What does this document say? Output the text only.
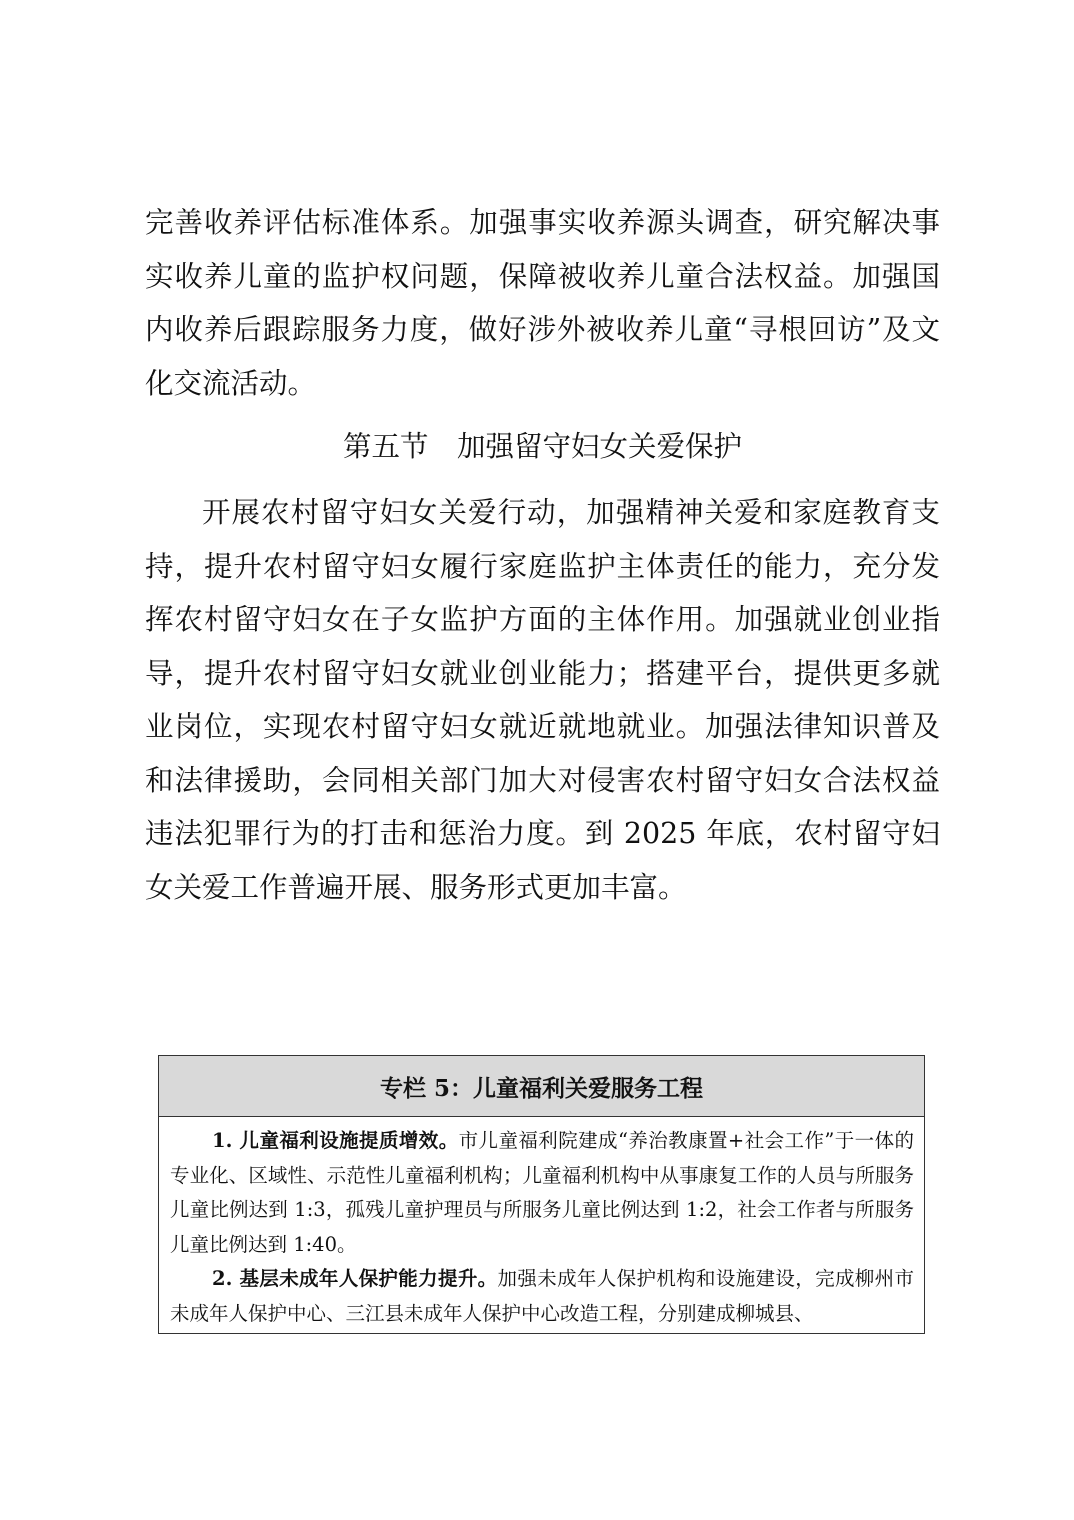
完善收养评估标准体系。加强事实收养源头调查，研究解决事实收养儿童的监护权问题，保障被收养儿童合法权益。加强国内收养后跟踪服务力度，做好涉外被收养儿童“寻根回访”及文化交流活动。

第五节　加强留守妇女关爱保护

开展农村留守妇女关爱行动，加强精神关爱和家庭教育支持，提升农村留守妇女履行家庭监护主体责任的能力，充分发挥农村留守妇女在子女监护方面的主体作用。加强就业创业指导，提升农村留守妇女就业创业能力；搭建平台，提供更多就业岗位，实现农村留守妇女就近就地就业。加强法律知识普及和法律援助，会同相关部门加大对侵害农村留守妇女合法权益违法犯罪行为的打击和惩治力度。到 2025 年底，农村留守妇女关爱工作普遍开展、服务形式更加丰富。

专栏 5：儿童福利关爱服务工程

1. 儿童福利设施提质增效。市儿童福利院建成“养治教康置+社会工作”于一体的专业化、区域性、示范性儿童福利机构；儿童福利机构中从事康复工作的人员与所服务儿童比例达到 1:3，孤残儿童护理员与所服务儿童比例达到 1:2，社会工作者与所服务儿童比例达到 1:40。

2. 基层未成年人保护能力提升。加强未成年人保护机构和设施建设，完成柳州市未成年人保护中心、三江县未成年人保护中心改造工程，分别建成柳城县、
